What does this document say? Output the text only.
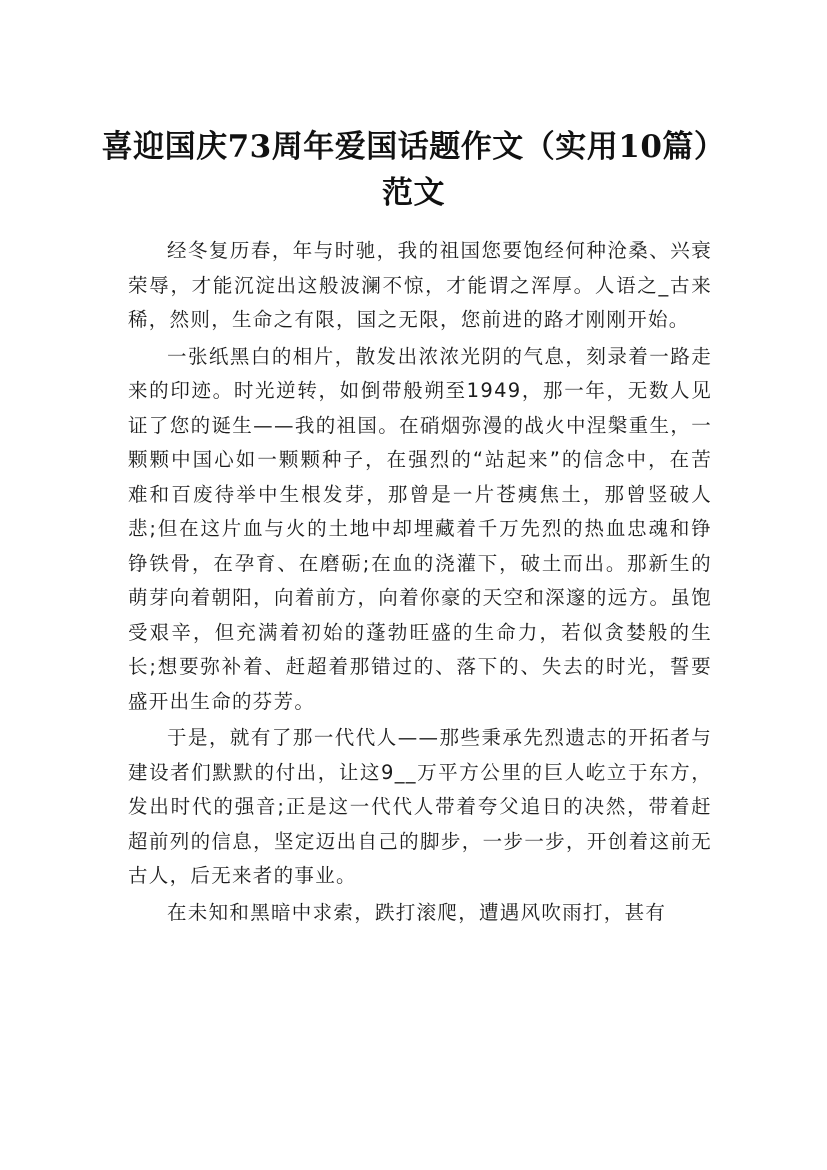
喜迎国庆73周年爱国话题作文（实用10篇）
范文

经冬复历春，年与时驰，我的祖国您要饱经何种沧桑、兴衰荣辱，才能沉淀出这般波澜不惊，才能谓之浑厚。人语之_古来稀，然则，生命之有限，国之无限，您前进的路才刚刚开始。

一张纸黑白的相片，散发出浓浓光阴的气息，刻录着一路走来的印迹。时光逆转，如倒带般朔至1949，那一年，无数人见证了您的诞生——我的祖国。在硝烟弥漫的战火中涅槃重生，一颗颗中国心如一颗颗种子，在强烈的“站起来”的信念中，在苦难和百废待举中生根发芽，那曾是一片苍痍焦土，那曾竖破人悲;但在这片血与火的土地中却埋藏着千万先烈的热血忠魂和铮铮铁骨，在孕育、在磨砺;在血的浇灌下，破土而出。那新生的萌芽向着朝阳，向着前方，向着你豪的天空和深邃的远方。虽饱受艰辛，但充满着初始的蓬勃旺盛的生命力，若似贪婪般的生长;想要弥补着、赶超着那错过的、落下的、失去的时光，誓要盛开出生命的芬芳。

于是，就有了那一代代人——那些秉承先烈遗志的开拓者与建设者们默默的付出，让这9__万平方公里的巨人屹立于东方，发出时代的强音;正是这一代代人带着夸父追日的决然，带着赶超前列的信息，坚定迈出自己的脚步，一步一步，开创着这前无古人，后无来者的事业。

在未知和黑暗中求索，跌打滚爬，遭遇风吹雨打，甚有
